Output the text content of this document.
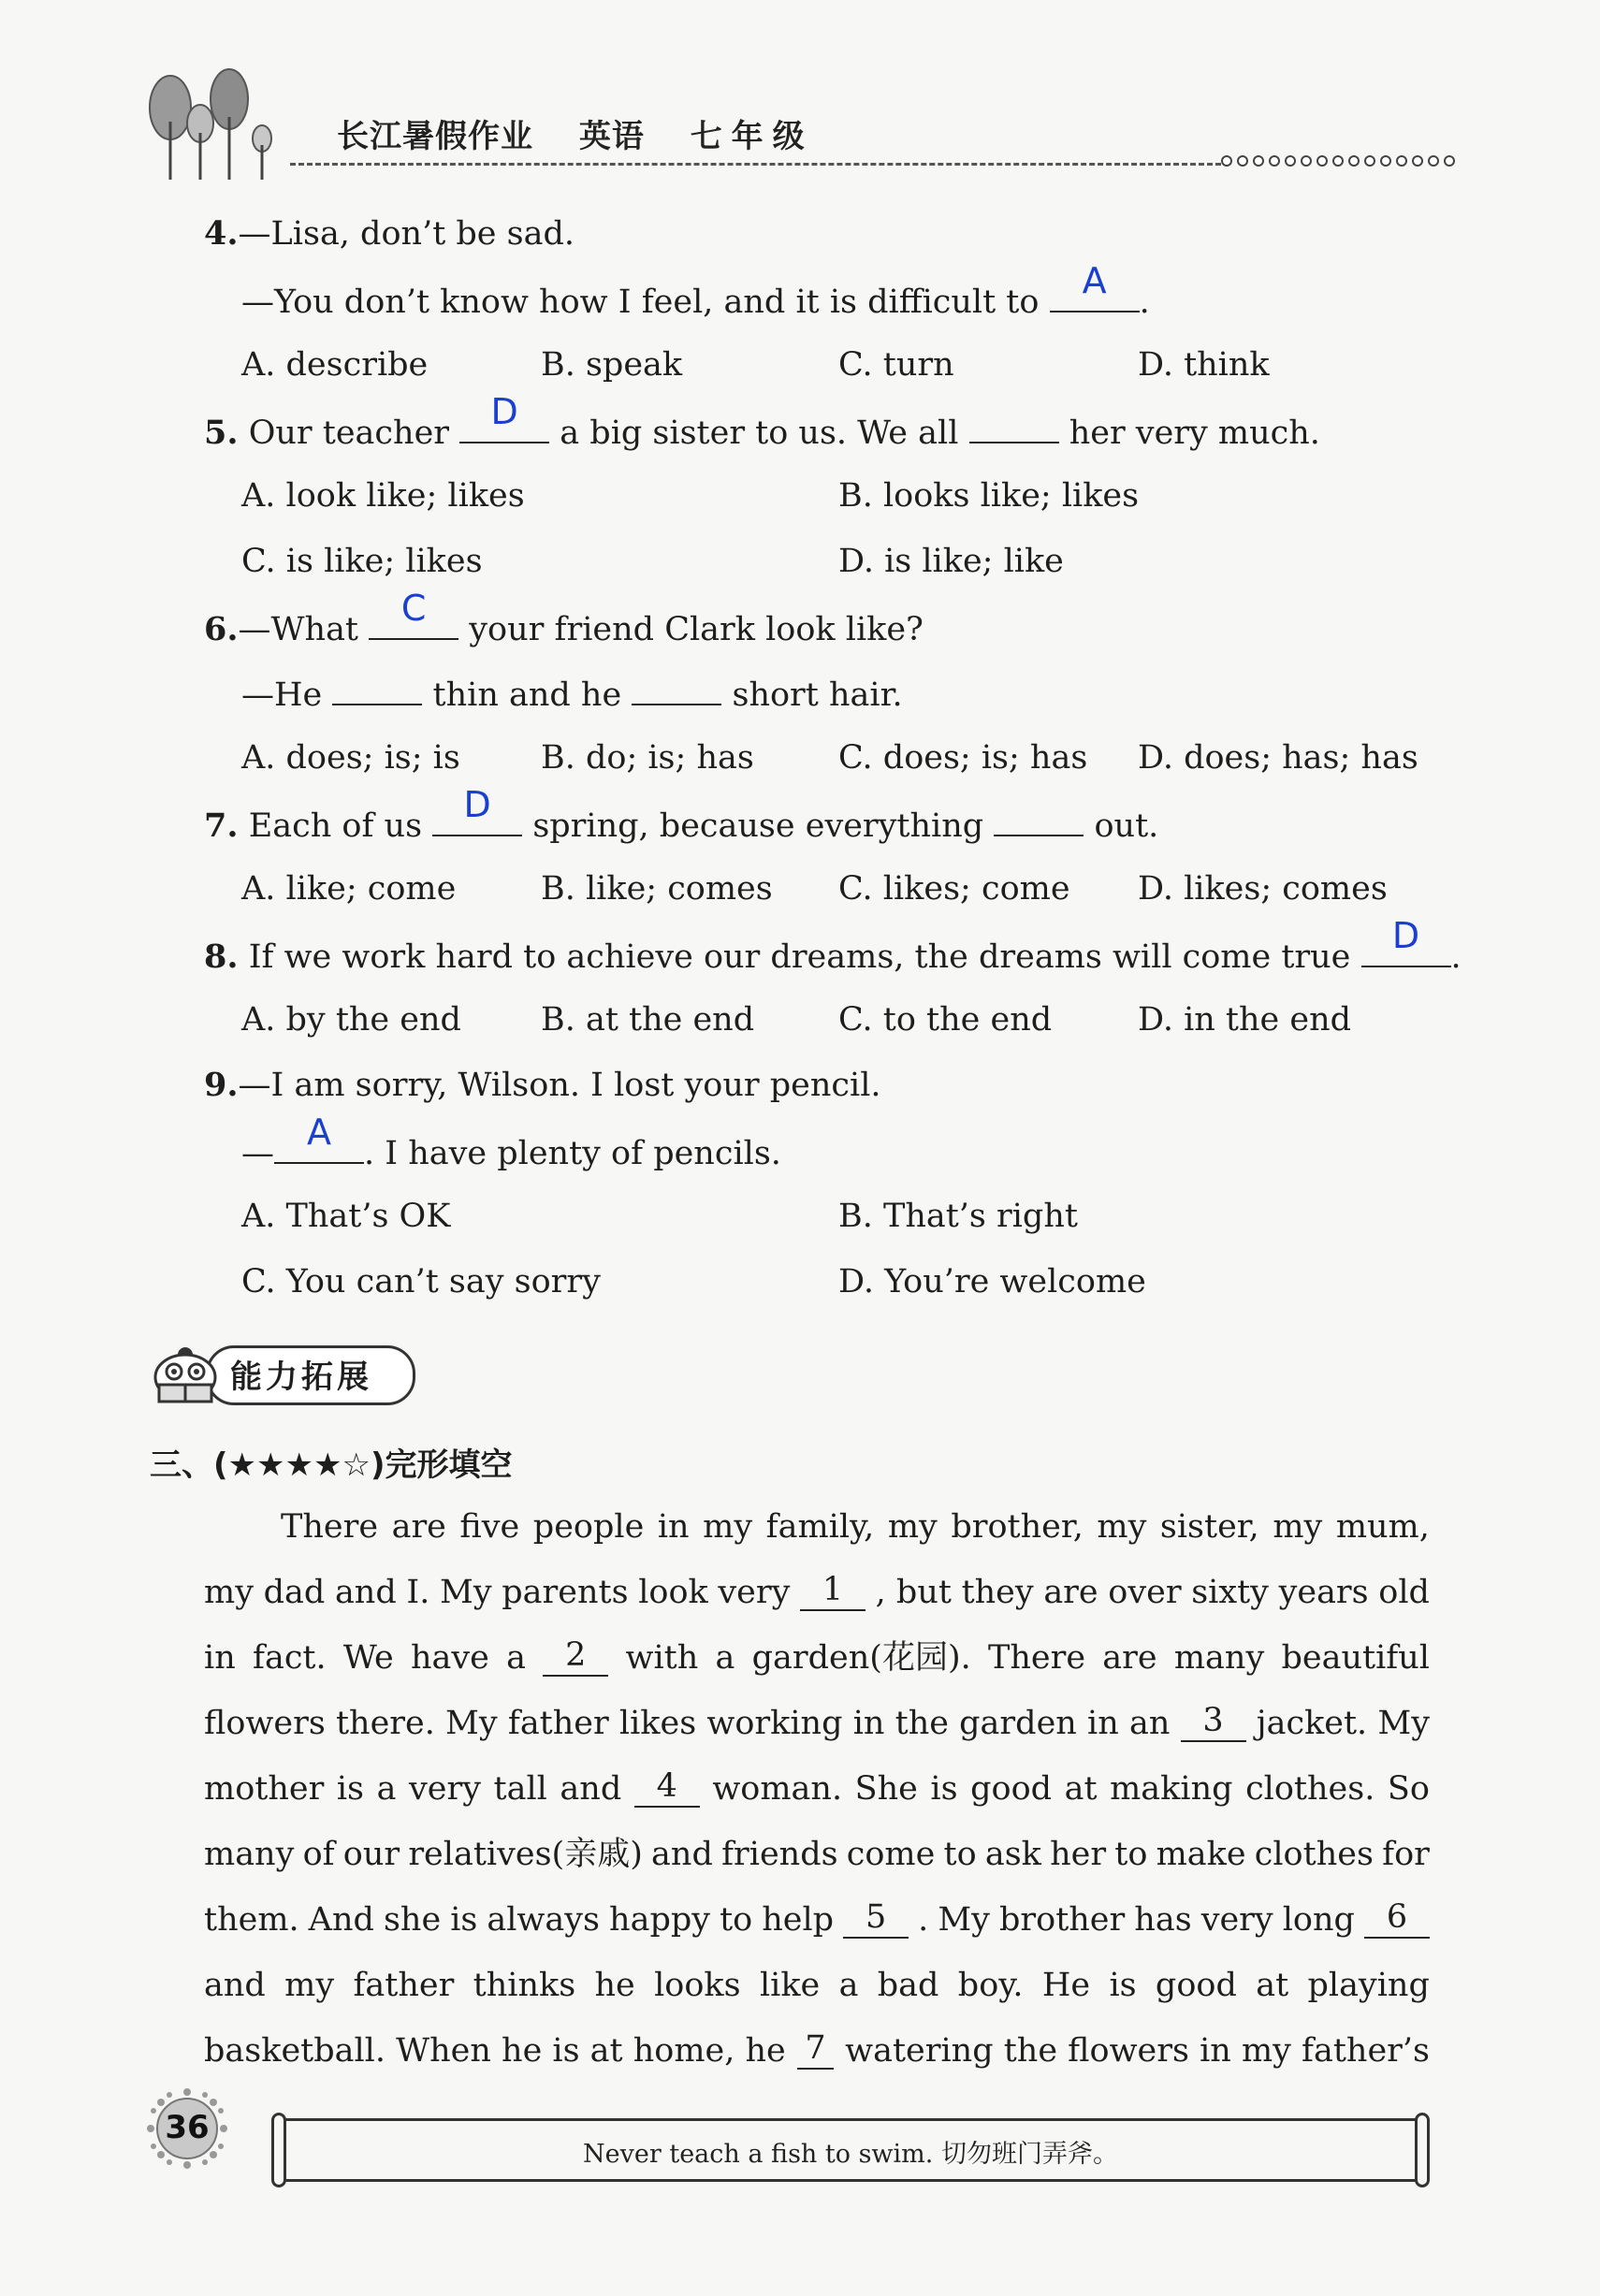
长江暑假作业 英语 七年级
4.—Lisa, don’t be sad.
—You don’t know how I feel, and it is difficult to
A
.
A. describe	B. speak	C. turn	D. think
5. Our teacher
D
a big sister to us. We all	her very much.
A. look like; likes	B. looks like; likes
C. is like; likes	D. is like; like
6.—What
C
your friend Clark look like?
—He	thin and he	short hair.
A. does; is; is B. do; is; has	C. does; is; has D. does; has; has
7. Each of us
D
spring, because everything	out.
A. like; come	B. like; comes C. likes; come D. likes; comes
8. If we work hard to achieve our dreams, the dreams will come true
D
.
A. by the end B. at the end	C. to the end	D. in the end
9.—I am sorry, Wilson. I lost your pencil.
—
A
. I have plenty of pencils.
A. That’s OK	B. That’s right
C. You can’t say sorry	D. You’re welcome
能力拓展
三、(★★★★☆)完形填空
There are five people in my family, my brother, my sister, my mum,
my dad and I. My parents look very 1 , but they are over sixty years old
in fact. We have a	2	with a garden(花园). There are many beautiful
flowers there. My father likes working in the garden in an	3	jacket. My
mother is a very tall and	4	woman. She is good at making clothes. So
many of our relatives(亲戚) and friends come to ask her to make clothes for
them. And she is always happy to help 5 . My brother has very long 6
and my father thinks he looks like a bad boy. He is good at playing
basketball. When he is at home, he 7 watering the flowers in my father’s
36
Never teach a fish to swim. 切勿班门弄斧。
